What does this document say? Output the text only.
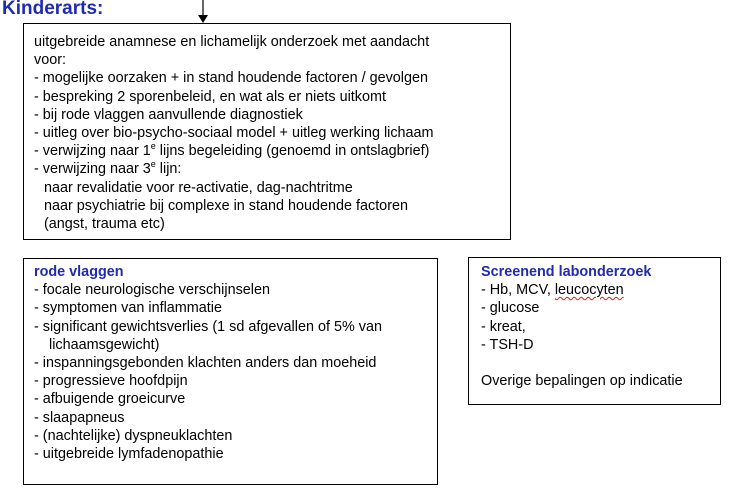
Kinderarts:
uitgebreide anamnese en lichamelijk onderzoek met aandacht
voor:
- mogelijke oorzaken + in stand houdende factoren / gevolgen
- bespreking 2 sporenbeleid, en wat als er niets uitkomt
- bij rode vlaggen aanvullende diagnostiek
- uitleg over bio-psycho-sociaal model + uitleg werking lichaam
- verwijzing naar 1e lijns begeleiding (genoemd in ontslagbrief)
- verwijzing naar 3e lijn:
naar revalidatie voor re-activatie, dag-nachtritme
naar psychiatrie bij complexe in stand houdende factoren
(angst, trauma etc)
rode vlaggen
- focale neurologische verschijnselen
- symptomen van inflammatie
- significant gewichtsverlies (1 sd afgevallen of 5% van
lichaamsgewicht)
- inspanningsgebonden klachten anders dan moeheid
- progressieve hoofdpijn
- afbuigende groeicurve
- slaapapneus
- (nachtelijke) dyspneuklachten
- uitgebreide lymfadenopathie
Screenend labonderzoek
- Hb, MCV, leucocyten
- glucose
- kreat,
- TSH-D
Overige bepalingen op indicatie
